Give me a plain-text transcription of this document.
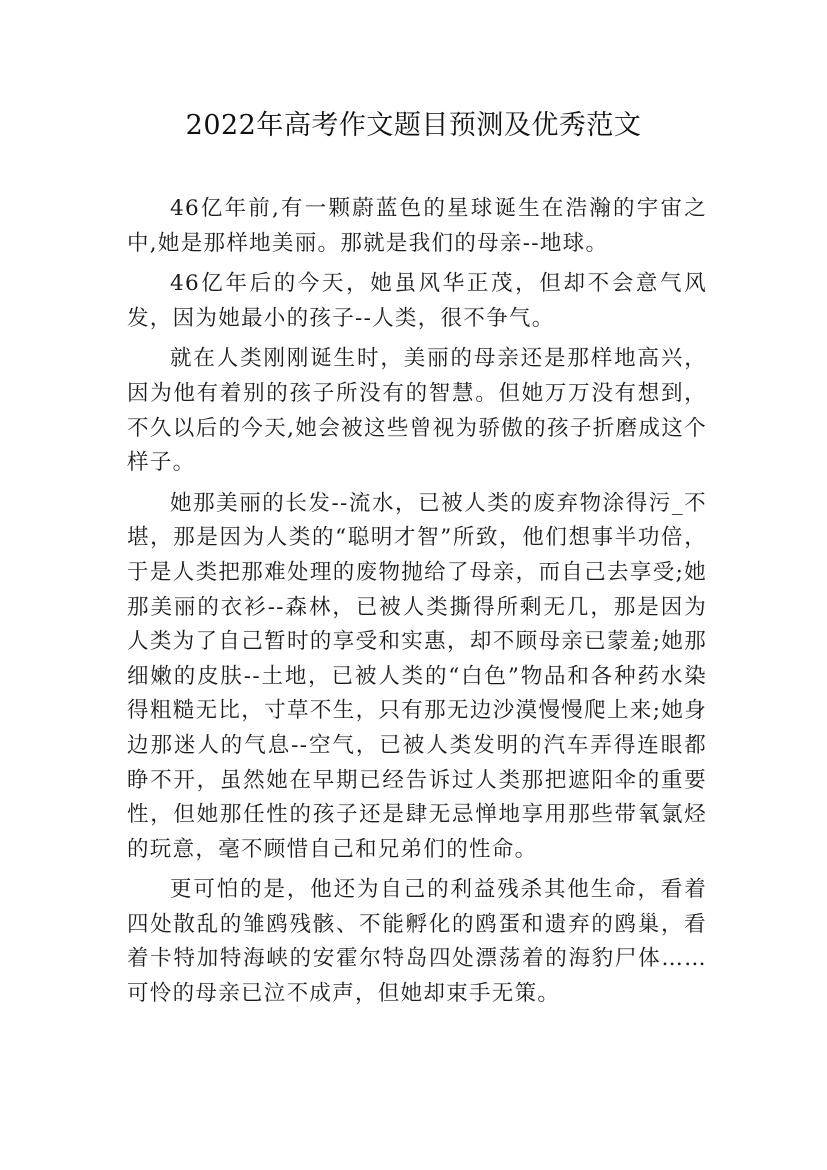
2022年高考作文题目预测及优秀范文

46亿年前,有一颗蔚蓝色的星球诞生在浩瀚的宇宙之中,她是那样地美丽。那就是我们的母亲--地球。

46亿年后的今天，她虽风华正茂，但却不会意气风发，因为她最小的孩子--人类，很不争气。

就在人类刚刚诞生时，美丽的母亲还是那样地高兴，因为他有着别的孩子所没有的智慧。但她万万没有想到，不久以后的今天,她会被这些曾视为骄傲的孩子折磨成这个样子。

她那美丽的长发--流水，已被人类的废弃物涂得污_不堪，那是因为人类的“聪明才智”所致，他们想事半功倍，于是人类把那难处理的废物抛给了母亲，而自己去享受;她那美丽的衣衫--森林，已被人类撕得所剩无几，那是因为人类为了自己暂时的享受和实惠，却不顾母亲已蒙羞;她那细嫩的皮肤--土地，已被人类的“白色”物品和各种药水染得粗糙无比，寸草不生，只有那无边沙漠慢慢爬上来;她身边那迷人的气息--空气，已被人类发明的汽车弄得连眼都睁不开，虽然她在早期已经告诉过人类那把遮阳伞的重要性，但她那任性的孩子还是肆无忌惮地享用那些带氧氯烃的玩意，毫不顾惜自己和兄弟们的性命。

更可怕的是，他还为自己的利益残杀其他生命，看着四处散乱的雏鸥残骸、不能孵化的鸥蛋和遗弃的鸥巢，看着卡特加特海峡的安霍尔特岛四处漂荡着的海豹尸体……可怜的母亲已泣不成声，但她却束手无策。
